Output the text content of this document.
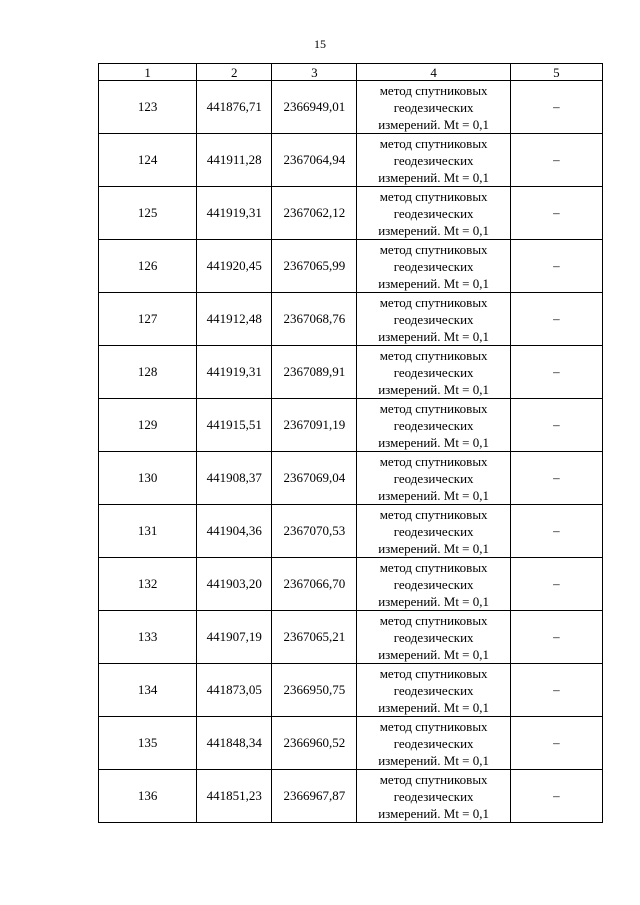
15
1	2	3	4	5
123	441876,71	2366949,01	метод спутниковых
геодезических
измерений. Mt = 0,1	–
124	441911,28	2367064,94	метод спутниковых
геодезических
измерений. Mt = 0,1	–
125	441919,31	2367062,12	метод спутниковых
геодезических
измерений. Mt = 0,1	–
126	441920,45	2367065,99	метод спутниковых
геодезических
измерений. Mt = 0,1	–
127	441912,48	2367068,76	метод спутниковых
геодезических
измерений. Mt = 0,1	–
128	441919,31	2367089,91	метод спутниковых
геодезических
измерений. Mt = 0,1	–
129	441915,51	2367091,19	метод спутниковых
геодезических
измерений. Mt = 0,1	–
130	441908,37	2367069,04	метод спутниковых
геодезических
измерений. Mt = 0,1	–
131	441904,36	2367070,53	метод спутниковых
геодезических
измерений. Mt = 0,1	–
132	441903,20	2367066,70	метод спутниковых
геодезических
измерений. Mt = 0,1	–
133	441907,19	2367065,21	метод спутниковых
геодезических
измерений. Mt = 0,1	–
134	441873,05	2366950,75	метод спутниковых
геодезических
измерений. Mt = 0,1	–
135	441848,34	2366960,52	метод спутниковых
геодезических
измерений. Mt = 0,1	–
136	441851,23	2366967,87	метод спутниковых
геодезических
измерений. Mt = 0,1	–
